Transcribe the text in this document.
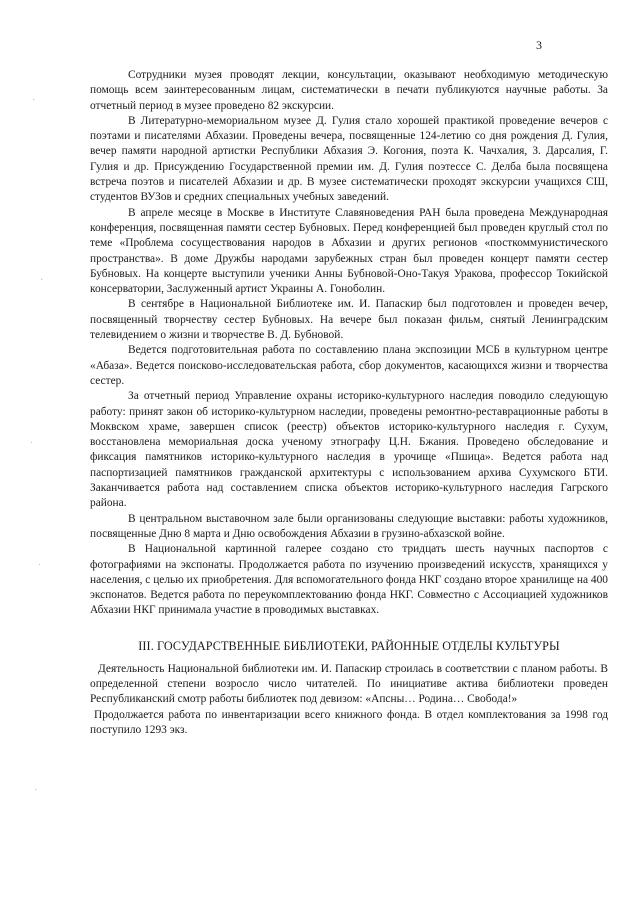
3
·
·
·
·
·

Сотрудники музея проводят лекции, консультации, оказывают необходимую методическую помощь всем заинтересованным лицам, систематически в печати публикуются научные работы. За отчетный период в музее проведено 82 экскурсии.

В Литературно-мемориальном музее Д. Гулия стало хорошей практикой проведение вечеров с поэтами и писателями Абхазии. Проведены вечера, посвященные 124-летию со дня рождения Д. Гулия, вечер памяти народной артистки Республики Абхазия Э. Когония, поэта К. Чачхалия, З. Дарсалия, Г. Гулия и др. Присуждению Государственной премии им. Д. Гулия поэтессе С. Делба была посвящена встреча поэтов и писателей Абхазии и др. В музее систематически проходят экскурсии учащихся СШ, студентов ВУЗов и средних специальных учебных заведений.

В апреле месяце в Москве в Институте Славяноведения РАН была проведена Международная конференция, посвященная памяти сестер Бубновых. Перед конференцией был проведен круглый стол по теме «Проблема сосуществования народов в Абхазии и других регионов «посткоммунистического пространства». В доме Дружбы народами зарубежных стран был проведен концерт памяти сестер Бубновых. На концерте выступили ученики Анны Бубновой-Оно-Такуя Уракова, профессор Токийской консерватории, Заслуженный артист Украины А. Гоноболин.

В сентябре в Национальной Библиотеке им. И. Папаскир был подготовлен и проведен вечер, посвященный творчеству сестер Бубновых. На вечере был показан фильм, снятый Ленинградским телевидением о жизни и творчестве В. Д. Бубновой.

Ведется подготовительная работа по составлению плана экспозиции МСБ в культурном центре «Абаза». Ведется поисково-исследовательская работа, сбор документов, касающихся жизни и творчества сестер.

За отчетный период Управление охраны историко-культурного наследия поводило следующую работу: принят закон об историко-культурном наследии, проведены ремонтно-реставрационные работы в Моквском храме, завершен список (реестр) объектов историко-культурного наследия г. Сухум, восстановлена мемориальная доска ученому этнографу Ц.Н. Бжания. Проведено обследование и фиксация памятников историко-культурного наследия в урочище «Пшица». Ведется работа над паспортизацией памятников гражданской архитектуры с использованием архива Сухумского БТИ. Заканчивается работа над составлением списка объектов историко-культурного наследия Гагрского района.

В центральном выставочном зале были организованы следующие выставки: работы художников, посвященные Дню 8 марта и Дню освобождения Абхазии в грузино-абхазской войне.

В Национальной картинной галерее создано сто тридцать шесть научных паспортов с фотографиями на экспонаты. Продолжается работа по изучению произведений искусств, хранящихся у населения, с целью их приобретения. Для вспомогательного фонда НКГ создано второе хранилище на 400 экспонатов. Ведется работа по переукомплектованию фонда НКГ. Совместно с Ассоциацией художников Абхазии НКГ принимала участие в проводимых выставках.

III. ГОСУДАРСТВЕННЫЕ БИБЛИОТЕКИ, РАЙОННЫЕ ОТДЕЛЫ КУЛЬТУРЫ

Деятельность Национальной библиотеки им. И. Папаскир строилась в соответствии с планом работы. В определенной степени возросло число читателей. По инициативе актива библиотеки проведен Республиканский смотр работы библиотек под девизом: «Апсны… Родина… Свобода!»

Продолжается работа по инвентаризации всего книжного фонда. В отдел комплектования за 1998 год поступило 1293 экз.
